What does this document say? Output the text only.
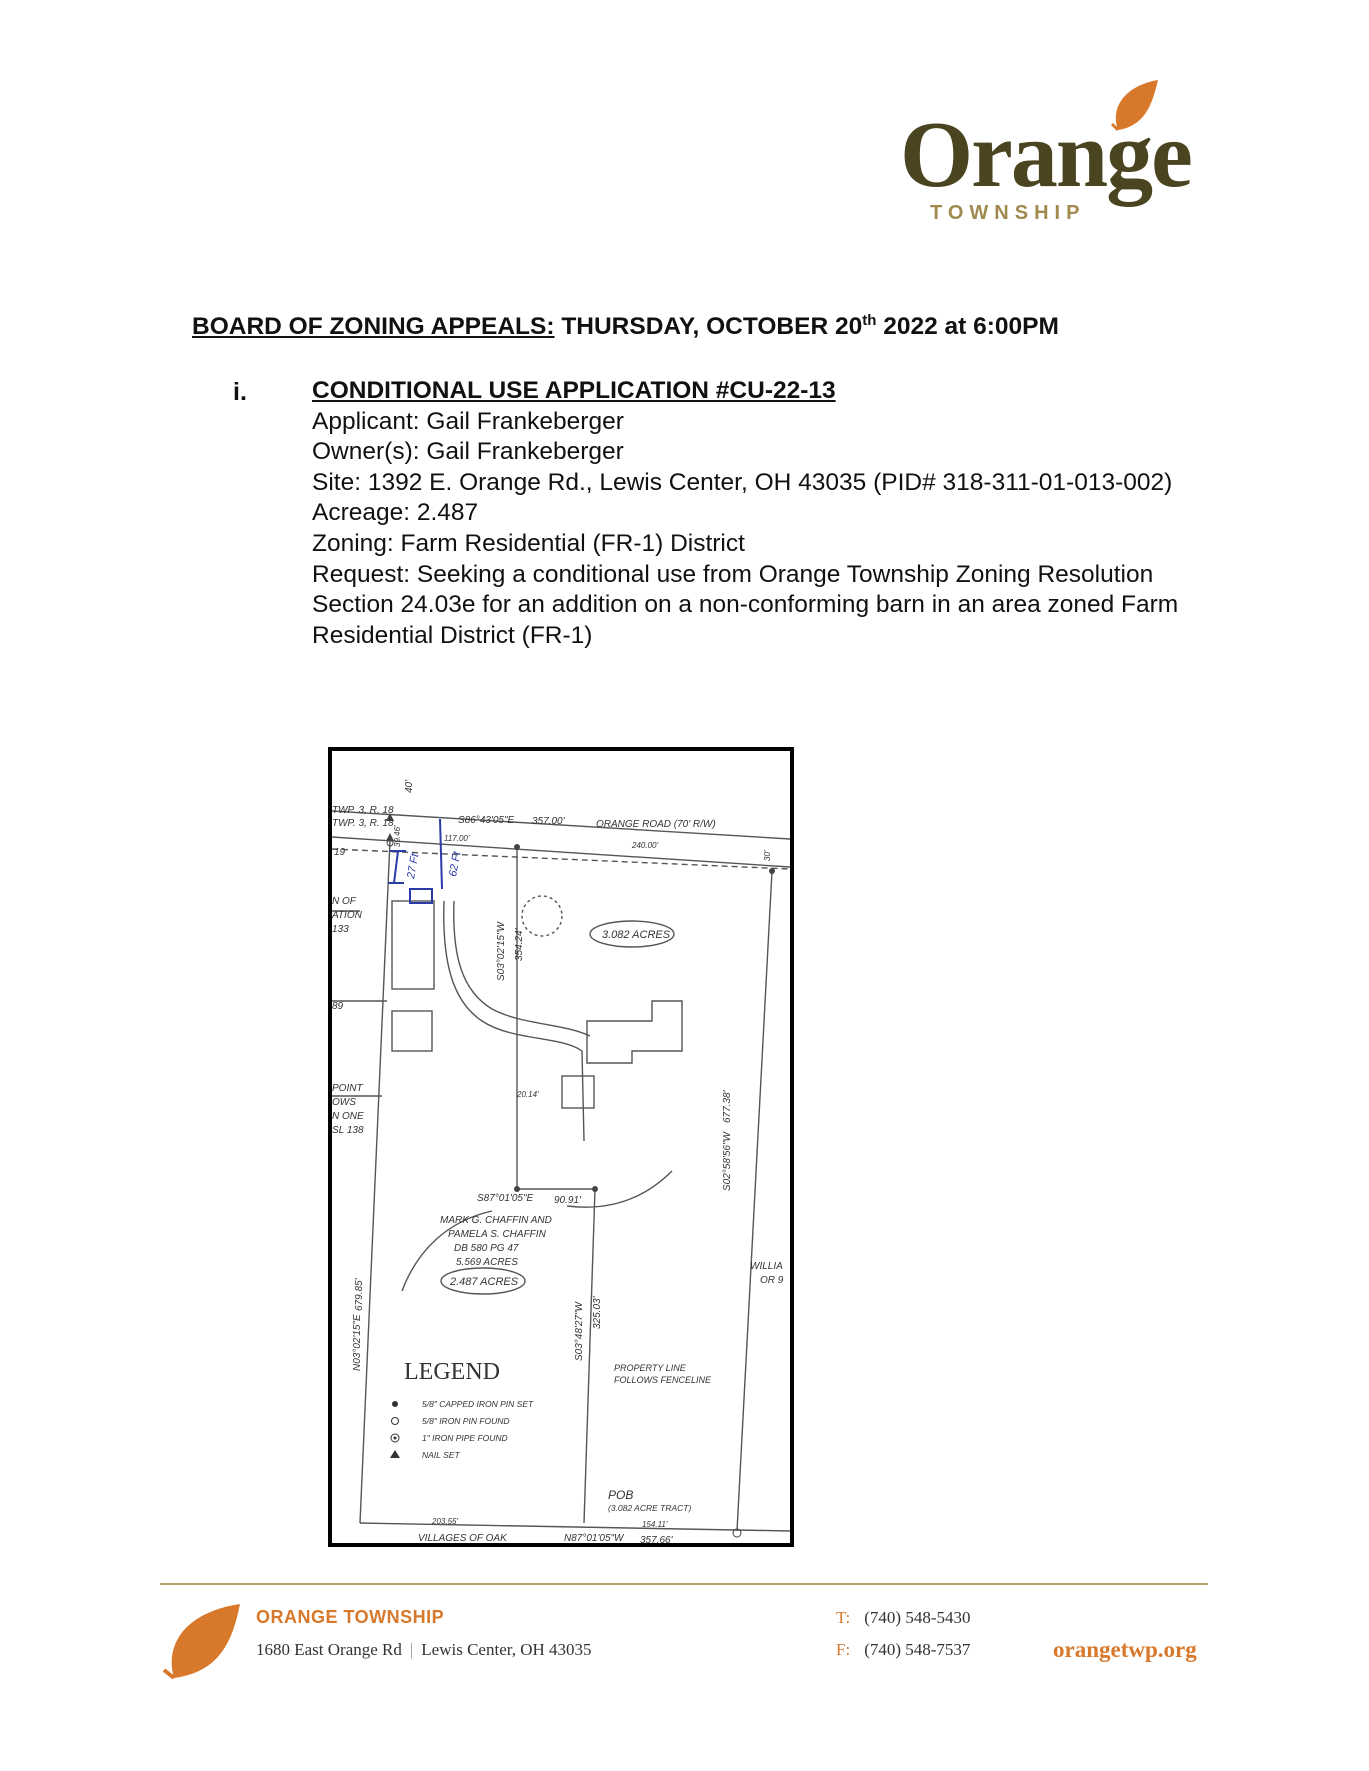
Orange
TOWNSHIP
BOARD OF ZONING APPEALS: THURSDAY, OCTOBER 20th 2022 at 6:00PM
i.	CONDITIONAL USE APPLICATION #CU-22-13
Applicant: Gail Frankeberger
Owner(s): Gail Frankeberger
Site: 1392 E. Orange Rd., Lewis Center, OH 43035 (PID# 318-311-01-013-002)
Acreage: 2.487
Zoning: Farm Residential (FR-1) District
Request: Seeking a conditional use from Orange Township Zoning Resolution Section 24.03e for an addition on a non-conforming barn in an area zoned Farm Residential District (FR-1)
TWP. 3, R. 18
TWP. 3, R. 18
40'
S86°43'05"E 357.00'	ORANGE ROAD (70' R/W)
117.00'
240.00'
30'
39.46'
27 Ft 62 Ft
19
N OF
ATION
133	3.082 ACRES
S03°02'15"W 354.24'
89
20.14'
POINT
OWS
N ONE
SL 138
S87°01'05"E 90.91'
MARK G. CHAFFIN AND
PAMELA S. CHAFFIN
DB 580 PG 47
5.569 ACRES
S02°58'56"W
677.38'
WILLIA
OR 9
N03°02'15"E
679.85'	2.487 ACRES
S03°48'27"W 325.03'
LEGEND
5/8" CAPPED IRON PIN SET
5/8" IRON PIN FOUND
1" IRON PIPE FOUND
NAIL SET
PROPERTY LINE
FOLLOWS FENCELINE
POB
(3.082 ACRE TRACT)
154.11'
203.55'
VILLAGES OF OAK	N87°01'05"W 357.66'
ORANGE TOWNSHIP
1680 East Orange Rd | Lewis Center, OH 43035
T: (740) 548-5430
F: (740) 548-7537	orangetwp.org
